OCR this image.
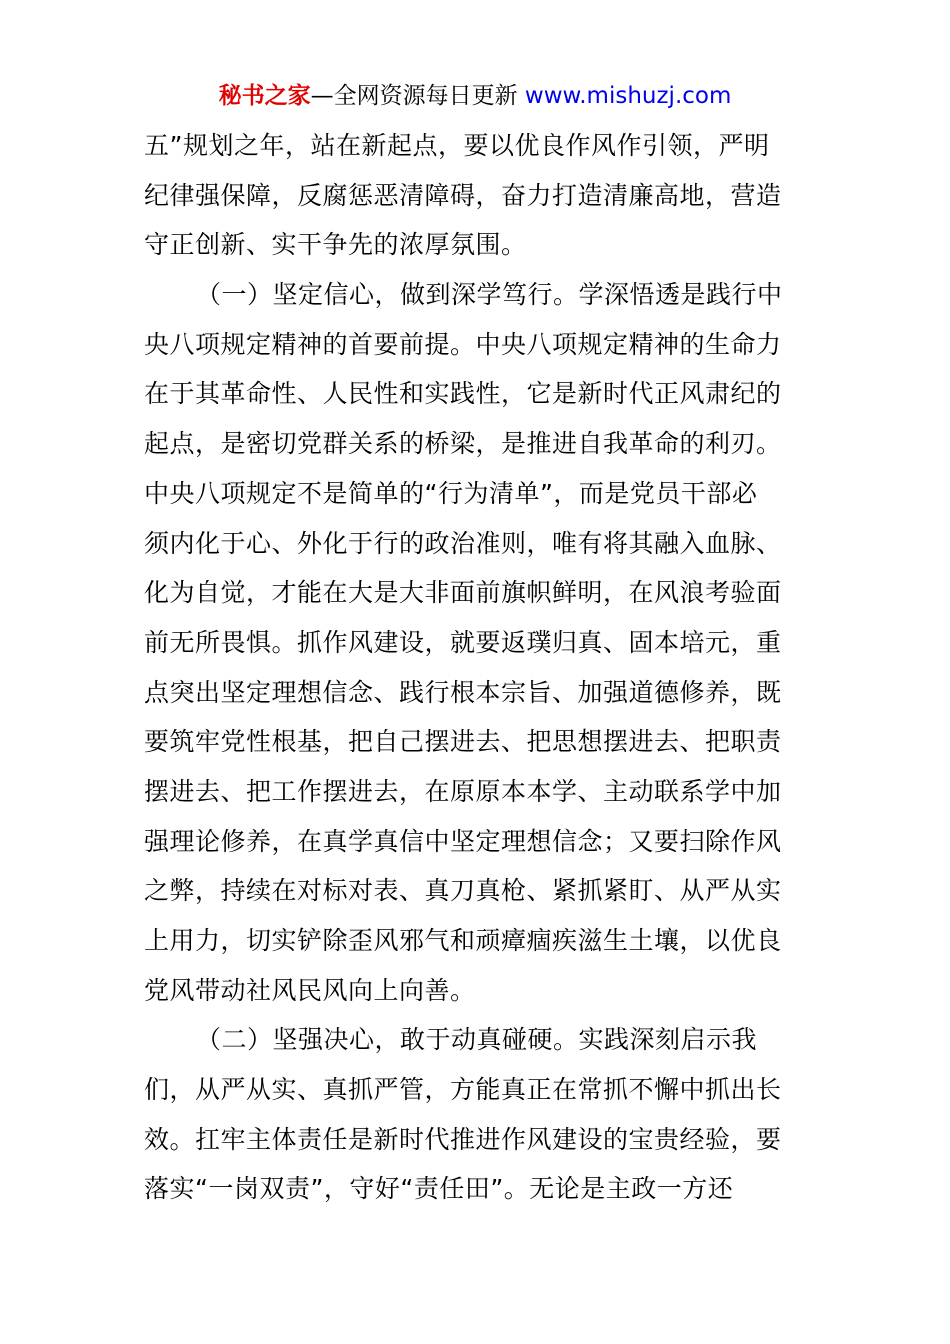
秘书之家—全网资源每日更新 www.mishuzj.com
五”规划之年，站在新起点，要以优良作风作引领，严明
纪律强保障，反腐惩恶清障碍，奋力打造清廉高地，营造
守正创新、实干争先的浓厚氛围。
（一）坚定信心，做到深学笃行。学深悟透是践行中
央八项规定精神的首要前提。中央八项规定精神的生命力
在于其革命性、人民性和实践性，它是新时代正风肃纪的
起点，是密切党群关系的桥梁，是推进自我革命的利刃。
中央八项规定不是简单的“行为清单”，而是党员干部必
须内化于心、外化于行的政治准则，唯有将其融入血脉、
化为自觉，才能在大是大非面前旗帜鲜明，在风浪考验面
前无所畏惧。抓作风建设，就要返璞归真、固本培元，重
点突出坚定理想信念、践行根本宗旨、加强道德修养，既
要筑牢党性根基，把自己摆进去、把思想摆进去、把职责
摆进去、把工作摆进去，在原原本本学、主动联系学中加
强理论修养，在真学真信中坚定理想信念；又要扫除作风
之弊，持续在对标对表、真刀真枪、紧抓紧盯、从严从实
上用力，切实铲除歪风邪气和顽瘴痼疾滋生土壤，以优良
党风带动社风民风向上向善。
（二）坚强决心，敢于动真碰硬。实践深刻启示我
们，从严从实、真抓严管，方能真正在常抓不懈中抓出长
效。扛牢主体责任是新时代推进作风建设的宝贵经验，要
落实“一岗双责”，守好“责任田”。无论是主政一方还
